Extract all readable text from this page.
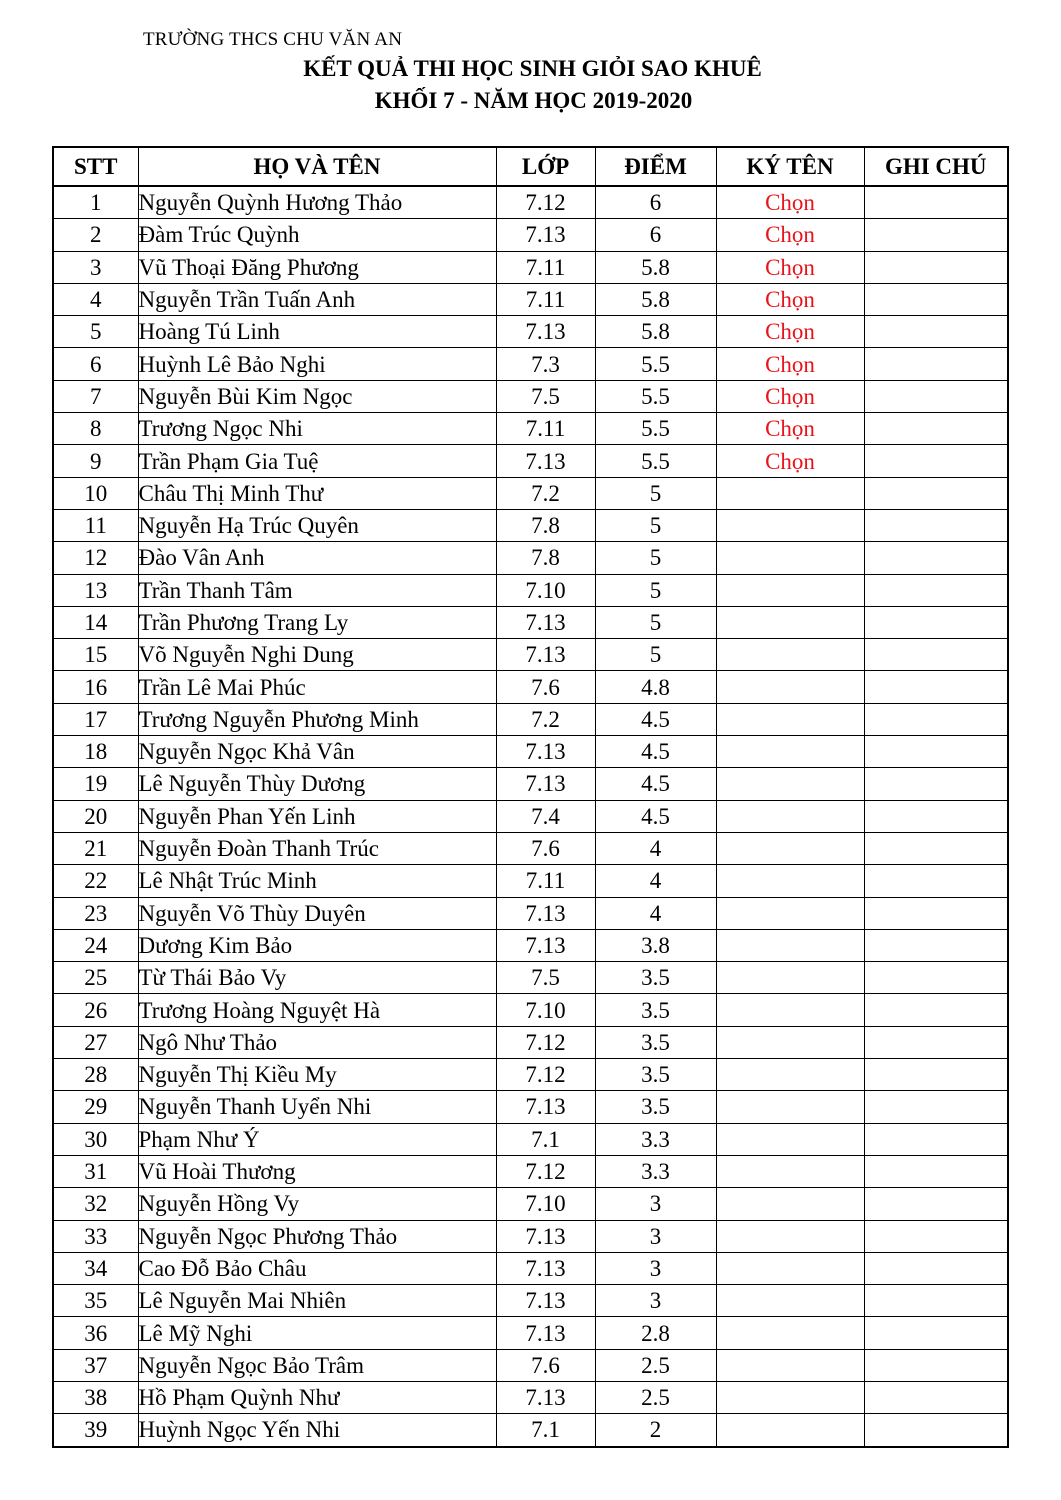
TRƯỜNG THCS CHU VĂN AN
KẾT QUẢ THI HỌC SINH GIỎI SAO KHUÊ
KHỐI 7 - NĂM HỌC 2019-2020
STT	HỌ VÀ TÊN	LỚP	ĐIỂM	KÝ TÊN	GHI CHÚ
1	Nguyễn Quỳnh Hương Thảo	7.12	6	Chọn	
2	Đàm Trúc Quỳnh	7.13	6	Chọn	
3	Vũ Thoại Đăng Phương	7.11	5.8	Chọn	
4	Nguyễn Trần Tuấn Anh	7.11	5.8	Chọn	
5	Hoàng Tú Linh	7.13	5.8	Chọn	
6	Huỳnh Lê Bảo Nghi	7.3	5.5	Chọn	
7	Nguyễn Bùi Kim Ngọc	7.5	5.5	Chọn	
8	Trương Ngọc Nhi	7.11	5.5	Chọn	
9	Trần Phạm Gia Tuệ	7.13	5.5	Chọn	
10	Châu Thị Minh Thư	7.2	5		
11	Nguyễn Hạ Trúc Quyên	7.8	5		
12	Đào Vân Anh	7.8	5		
13	Trần Thanh Tâm	7.10	5		
14	Trần Phương Trang Ly	7.13	5		
15	Võ Nguyễn Nghi Dung	7.13	5		
16	Trần Lê Mai Phúc	7.6	4.8		
17	Trương Nguyễn Phương Minh	7.2	4.5		
18	Nguyễn Ngọc Khả Vân	7.13	4.5		
19	Lê Nguyễn Thùy Dương	7.13	4.5		
20	Nguyễn Phan Yến Linh	7.4	4.5		
21	Nguyễn Đoàn Thanh Trúc	7.6	4		
22	Lê Nhật Trúc Minh	7.11	4		
23	Nguyễn Võ Thùy Duyên	7.13	4		
24	Dương Kim Bảo	7.13	3.8		
25	Từ Thái Bảo Vy	7.5	3.5		
26	Trương Hoàng Nguyệt Hà	7.10	3.5		
27	Ngô Như Thảo	7.12	3.5		
28	Nguyễn Thị Kiều My	7.12	3.5		
29	Nguyễn Thanh Uyển Nhi	7.13	3.5		
30	Phạm Như Ý	7.1	3.3		
31	Vũ Hoài Thương	7.12	3.3		
32	Nguyễn Hồng Vy	7.10	3		
33	Nguyễn Ngọc Phương Thảo	7.13	3		
34	Cao Đỗ Bảo Châu	7.13	3		
35	Lê Nguyễn Mai Nhiên	7.13	3		
36	Lê Mỹ Nghi	7.13	2.8		
37	Nguyễn Ngọc Bảo Trâm	7.6	2.5		
38	Hồ Phạm Quỳnh Như	7.13	2.5		
39	Huỳnh Ngọc Yến Nhi	7.1	2		
